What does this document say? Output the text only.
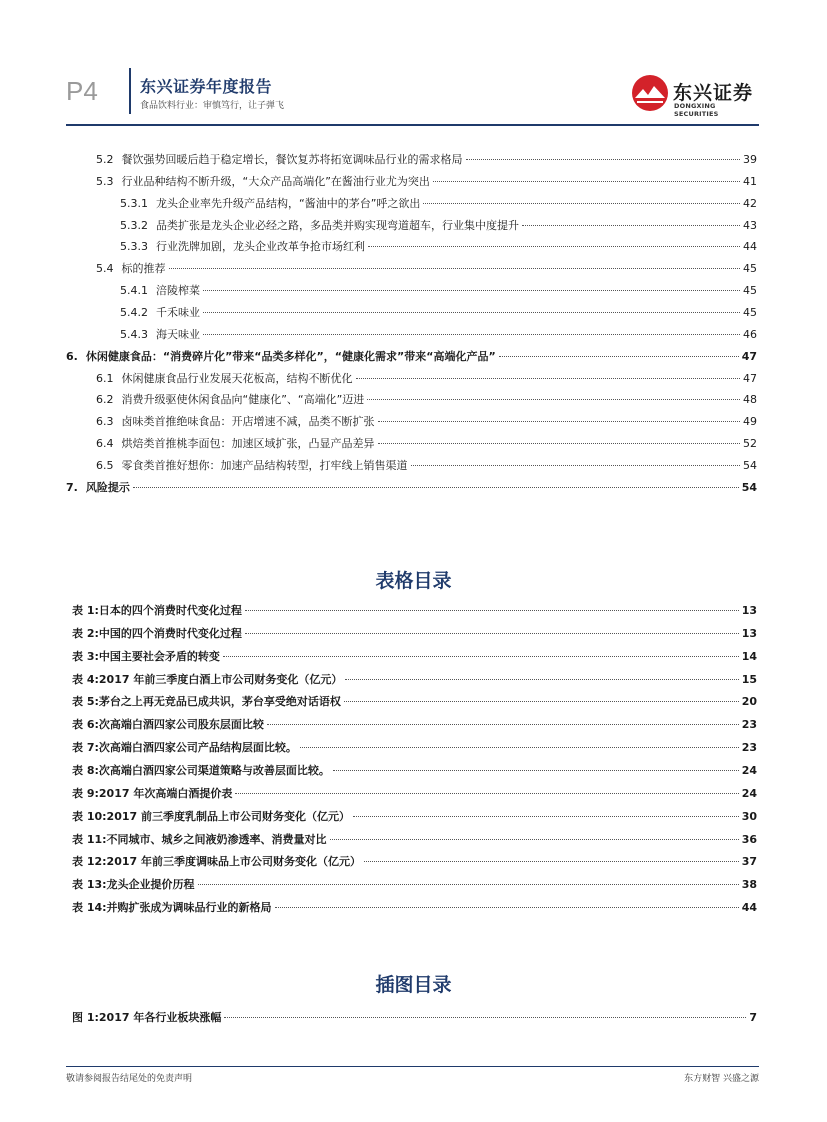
P4	东兴证券年度报告
食品饮料行业：审慎笃行，让子弹飞
东兴证券
DONGXING SECURITIES
5.2 餐饮强势回暖后趋于稳定增长，餐饮复苏将拓宽调味品行业的需求格局	39
5.3 行业品种结构不断升级，“大众产品高端化”在酱油行业尤为突出	41
5.3.1 龙头企业率先升级产品结构，“酱油中的茅台”呼之欲出	42
5.3.2 品类扩张是龙头企业必经之路，多品类并购实现弯道超车，行业集中度提升	43
5.3.3 行业洗牌加剧，龙头企业改革争抢市场红利	44
5.4 标的推荐	45
5.4.1 涪陵榨菜	45
5.4.2 千禾味业	45
5.4.3 海天味业	46
6. 休闲健康食品：“消费碎片化”带来“品类多样化”，“健康化需求”带来“高端化产品”	47
6.1 休闲健康食品行业发展天花板高，结构不断优化	47
6.2 消费升级驱使休闲食品向“健康化”、“高端化”迈进	48
6.3 卤味类首推绝味食品：开店增速不减，品类不断扩张	49
6.4 烘焙类首推桃李面包：加速区域扩张，凸显产品差异	52
6.5 零食类首推好想你：加速产品结构转型，打牢线上销售渠道	54
7. 风险提示	54
表格目录
表 1:日本的四个消费时代变化过程	13
表 2:中国的四个消费时代变化过程	13
表 3:中国主要社会矛盾的转变	14
表 4:2017 年前三季度白酒上市公司财务变化（亿元）	15
表 5:茅台之上再无竞品已成共识，茅台享受绝对话语权	20
表 6:次高端白酒四家公司股东层面比较	23
表 7:次高端白酒四家公司产品结构层面比较。	23
表 8:次高端白酒四家公司渠道策略与改善层面比较。	24
表 9:2017 年次高端白酒提价表	24
表 10:2017 前三季度乳制品上市公司财务变化（亿元）	30
表 11:不同城市、城乡之间液奶渗透率、消费量对比	36
表 12:2017 年前三季度调味品上市公司财务变化（亿元）	37
表 13:龙头企业提价历程	38
表 14:并购扩张成为调味品行业的新格局	44
插图目录
图 1:2017 年各行业板块涨幅	7
敬请参阅报告结尾处的免责声明	东方财智 兴盛之源
